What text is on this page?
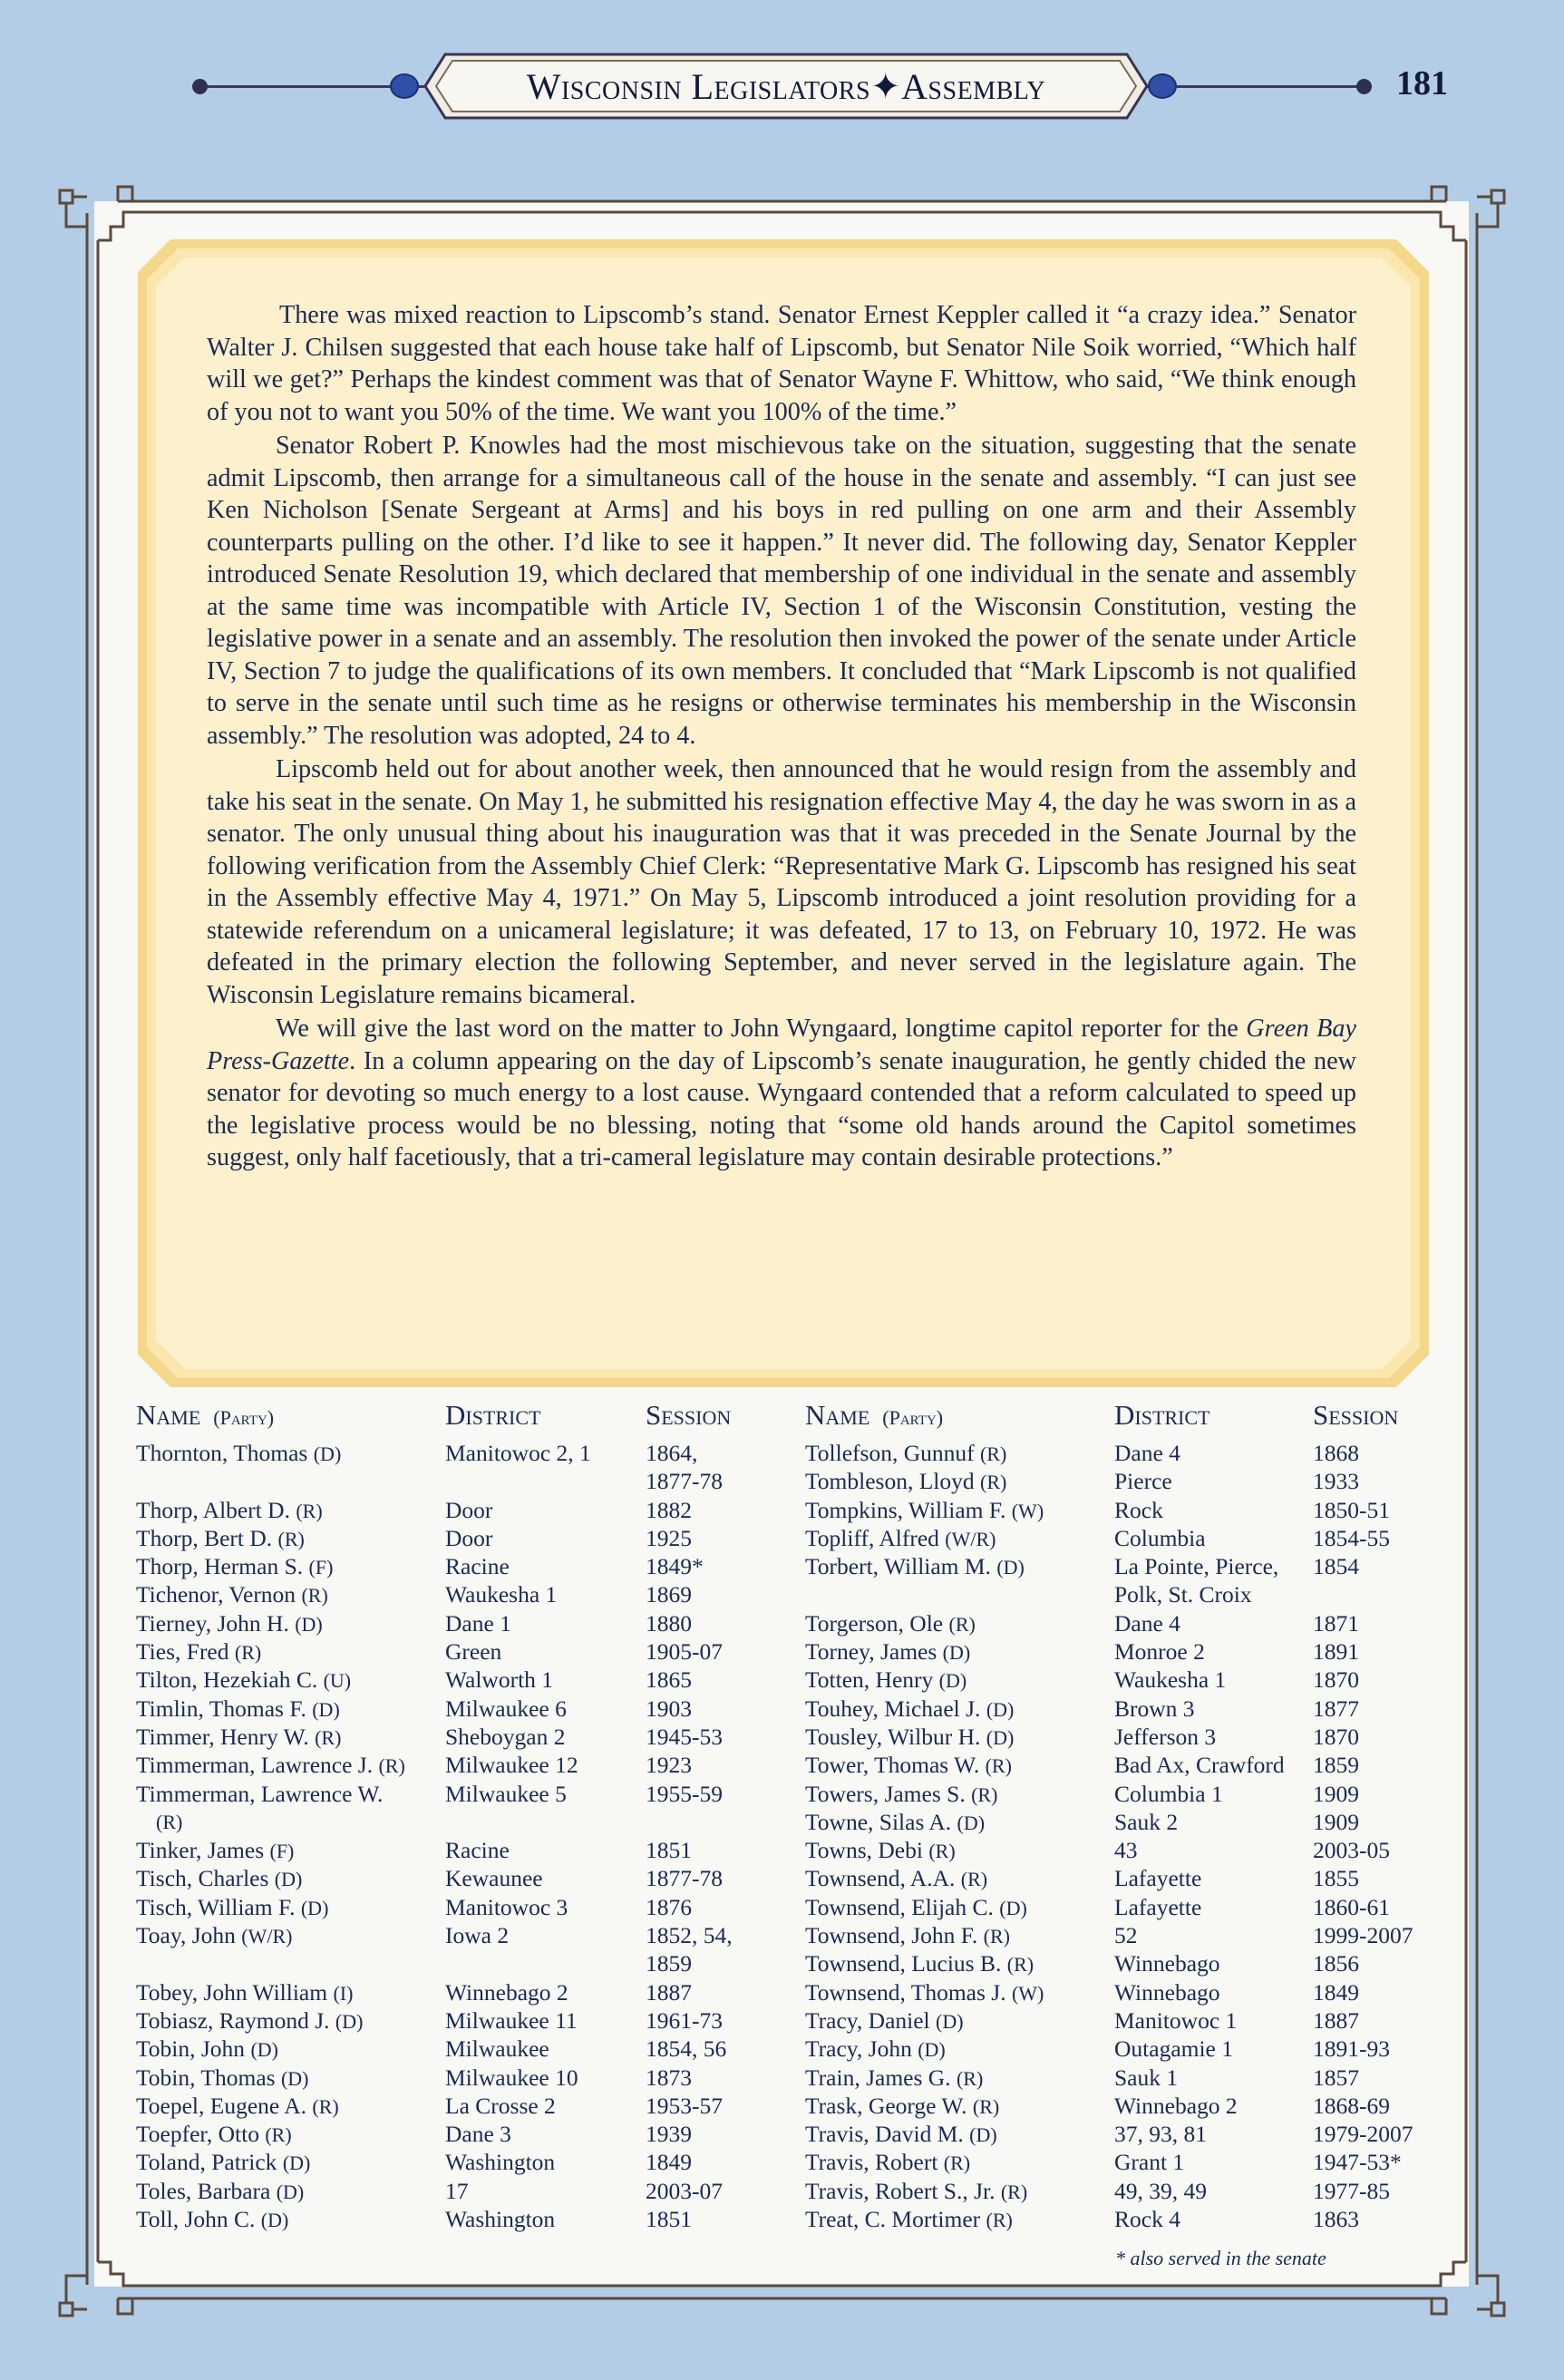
Wisconsin Legislators✦Assembly	181

There was mixed reaction to Lipscomb’s stand. Senator Ernest Keppler called it “a crazy idea.” Senator Walter J. Chilsen suggested that each house take half of Lipscomb, but Senator Nile Soik worried, “Which half will we get?” Perhaps the kindest comment was that of Senator Wayne F. Whittow, who said, “We think enough of you not to want you 50% of the time. We want you 100% of the time.”

Senator Robert P. Knowles had the most mischievous take on the situation, suggesting that the senate admit Lipscomb, then arrange for a simultaneous call of the house in the senate and assembly. “I can just see Ken Nicholson [Senate Sergeant at Arms] and his boys in red pulling on one arm and their Assembly counterparts pulling on the other. I’d like to see it happen.” It never did. The following day, Senator Keppler introduced Senate Resolution 19, which declared that membership of one individual in the senate and assembly at the same time was incompatible with Article IV, Section 1 of the Wisconsin Constitution, vesting the legislative power in a senate and an assembly. The resolution then invoked the power of the senate under Article IV, Section 7 to judge the qualifications of its own members. It concluded that “Mark Lipscomb is not qualified to serve in the senate until such time as he resigns or otherwise terminates his membership in the Wisconsin assembly.” The resolution was adopted, 24 to 4.

Lipscomb held out for about another week, then announced that he would resign from the assembly and take his seat in the senate. On May 1, he submitted his resignation effective May 4, the day he was sworn in as a senator. The only unusual thing about his inauguration was that it was preceded in the Senate Journal by the following verification from the Assembly Chief Clerk: “Representative Mark G. Lipscomb has resigned his seat in the Assembly effective May 4, 1971.” On May 5, Lipscomb introduced a joint resolution providing for a statewide referendum on a unicameral legislature; it was defeated, 17 to 13, on February 10, 1972. He was defeated in the primary election the following September, and never served in the legislature again. The Wisconsin Legislature remains bicameral.

We will give the last word on the matter to John Wyngaard, longtime capitol reporter for the Green Bay Press-Gazette. In a column appearing on the day of Lipscomb’s senate inauguration, he gently chided the new senator for devoting so much energy to a lost cause. Wyngaard contended that a reform calculated to speed up the legislative process would be no blessing, noting that “some old hands around the Capitol sometimes suggest, only half facetiously, that a tri-cameral legislature may contain desirable protections.”

Name (Party)	District	Session
Thornton, Thomas (D)	Manitowoc 2, 1	1864,
1877-78
Thorp, Albert D. (R)	Door	1882
Thorp, Bert D. (R)	Door	1925
Thorp, Herman S. (F)	Racine	1849*
Tichenor, Vernon (R)	Waukesha 1	1869
Tierney, John H. (D)	Dane 1	1880
Ties, Fred (R)	Green	1905-07
Tilton, Hezekiah C. (U)	Walworth 1	1865
Timlin, Thomas F. (D)	Milwaukee 6	1903
Timmer, Henry W. (R)	Sheboygan 2	1945-53
Timmerman, Lawrence J. (R)	Milwaukee 12	1923
Timmerman, Lawrence W.
(R)
Milwaukee 5	1955-59
Tinker, James (F)	Racine	1851
Tisch, Charles (D)	Kewaunee	1877-78
Tisch, William F. (D)	Manitowoc 3	1876
Toay, John (W/R)	Iowa 2	1852, 54,
1859
Tobey, John William (I)	Winnebago 2	1887
Tobiasz, Raymond J. (D)	Milwaukee 11	1961-73
Tobin, John (D)	Milwaukee	1854, 56
Tobin, Thomas (D)	Milwaukee 10	1873
Toepel, Eugene A. (R)	La Crosse 2	1953-57
Toepfer, Otto (R)	Dane 3	1939
Toland, Patrick (D)	Washington	1849
Toles, Barbara (D)	17	2003-07
Toll, John C. (D)	Washington	1851
Name (Party)	District	Session
Tollefson, Gunnuf (R)	Dane 4	1868
Tombleson, Lloyd (R)	Pierce	1933
Tompkins, William F. (W)	Rock	1850-51
Topliff, Alfred (W/R)	Columbia	1854-55
Torbert, William M. (D)	La Pointe, Pierce,
Polk, St. Croix
1854
Torgerson, Ole (R)	Dane 4	1871
Torney, James (D)	Monroe 2	1891
Totten, Henry (D)	Waukesha 1	1870
Touhey, Michael J. (D)	Brown 3	1877
Tousley, Wilbur H. (D)	Jefferson 3	1870
Tower, Thomas W. (R)	Bad Ax, Crawford	1859
Towers, James S. (R)	Columbia 1	1909
Towne, Silas A. (D)	Sauk 2	1909
Towns, Debi (R)	43	2003-05
Townsend, A.A. (R)	Lafayette	1855
Townsend, Elijah C. (D)	Lafayette	1860-61
Townsend, John F. (R)	52	1999-2007
Townsend, Lucius B. (R)	Winnebago	1856
Townsend, Thomas J. (W)	Winnebago	1849
Tracy, Daniel (D)	Manitowoc 1	1887
Tracy, John (D)	Outagamie 1	1891-93
Train, James G. (R)	Sauk 1	1857
Trask, George W. (R)	Winnebago 2	1868-69
Travis, David M. (D)	37, 93, 81	1979-2007
Travis, Robert (R)	Grant 1	1947-53*
Travis, Robert S., Jr. (R)	49, 39, 49	1977-85
Treat, C. Mortimer (R)	Rock 4	1863
* also served in the senate
